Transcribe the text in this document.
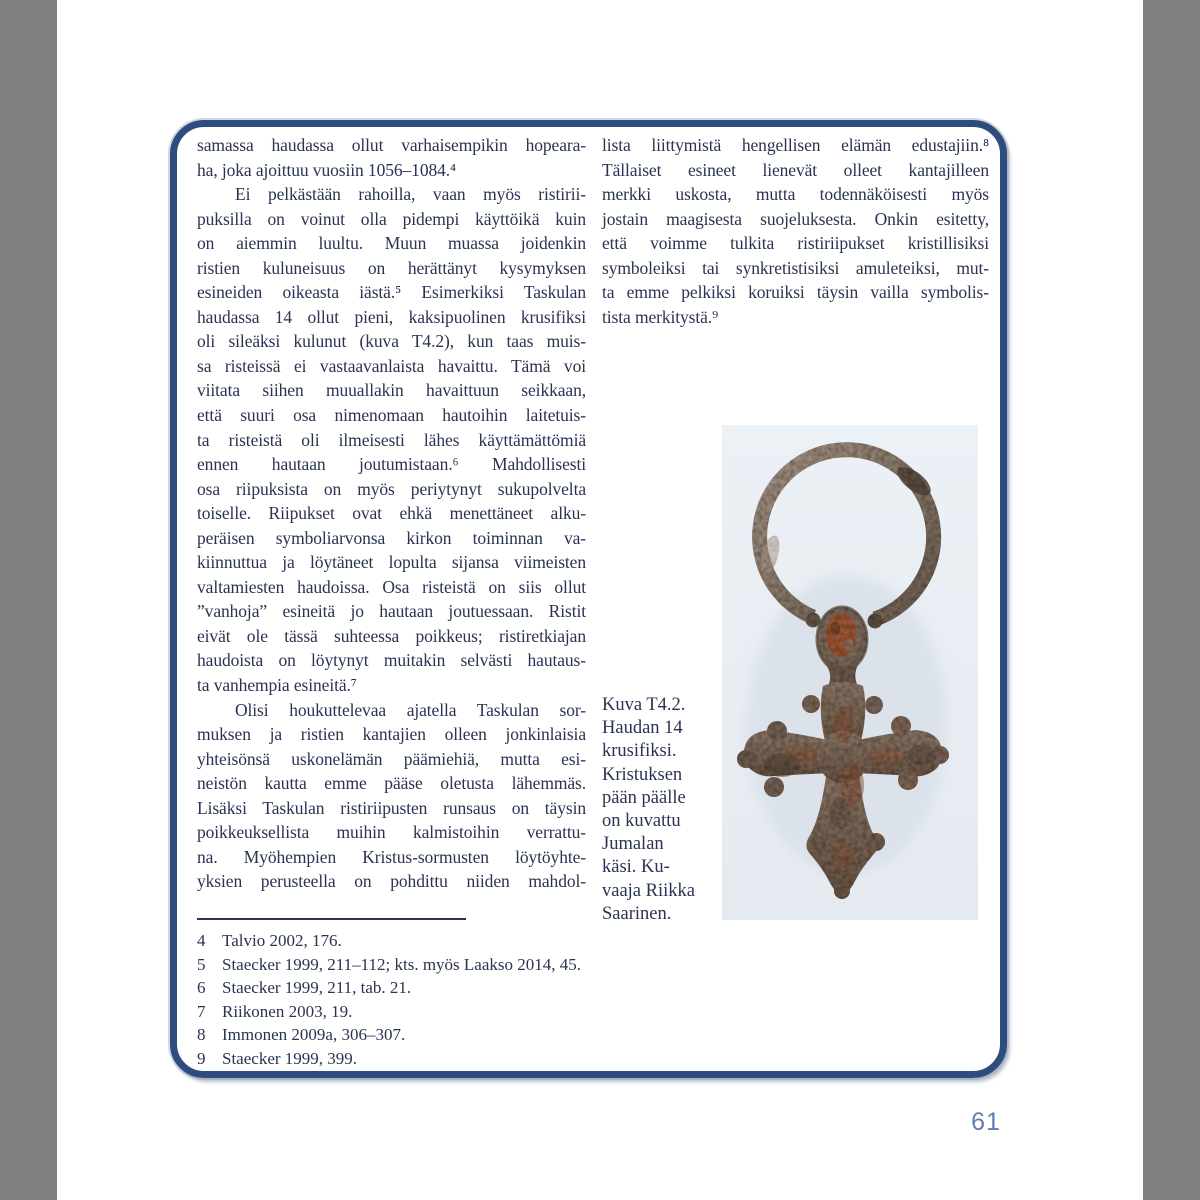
samassa haudassa ollut varhaisempikin hopeara-
ha, joka ajoittuu vuosiin 1056–1084.⁴
Ei pelkästään rahoilla, vaan myös ristirii-
puksilla on voinut olla pidempi käyttöikä kuin
on aiemmin luultu. Muun muassa joidenkin
ristien kuluneisuus on herättänyt kysymyksen
esineiden oikeasta iästä.⁵ Esimerkiksi Taskulan
haudassa 14 ollut pieni, kaksipuolinen krusifiksi
oli sileäksi kulunut (kuva T4.2), kun taas muis-
sa risteissä ei vastaavanlaista havaittu. Tämä voi
viitata siihen muuallakin havaittuun seikkaan,
että suuri osa nimenomaan hautoihin laitetuis-
ta risteistä oli ilmeisesti lähes käyttämättömiä
ennen hautaan joutumistaan.⁶ Mahdollisesti
osa riipuksista on myös periytynyt sukupolvelta
toiselle. Riipukset ovat ehkä menettäneet alku-
peräisen symboliarvonsa kirkon toiminnan va-
kiinnuttua ja löytäneet lopulta sijansa viimeisten
valtamiesten haudoissa. Osa risteistä on siis ollut
”vanhoja” esineitä jo hautaan joutuessaan. Ristit
eivät ole tässä suhteessa poikkeus; ristiretkiajan
haudoista on löytynyt muitakin selvästi hautaus-
ta vanhempia esineitä.⁷
Olisi houkuttelevaa ajatella Taskulan sor-
muksen ja ristien kantajien olleen jonkinlaisia
yhteisönsä uskonelämän päämiehiä, mutta esi-
neistön kautta emme pääse oletusta lähemmäs.
Lisäksi Taskulan ristiriipusten runsaus on täysin
poikkeuksellista muihin kalmistoihin verrattu-
na. Myöhempien Kristus-sormusten löytöyhte-
yksien perusteella on pohdittu niiden mahdol-
lista liittymistä hengellisen elämän edustajiin.⁸
Tällaiset esineet lienevät olleet kantajilleen
merkki uskosta, mutta todennäköisesti myös
jostain maagisesta suojeluksesta. Onkin esitetty,
että voimme tulkita ristiriipukset kristillisiksi
symboleiksi tai synkretistisiksi amuleteiksi, mut-
ta emme pelkiksi koruiksi täysin vailla symbolis-
tista merkitystä.⁹
Kuva T4.2.
Haudan 14
krusifiksi.
Kristuksen
pään päälle
on kuvattu
Jumalan
käsi. Ku-
vaaja Riikka
Saarinen.
4 Talvio 2002, 176.
5 Staecker 1999, 211–112; kts. myös Laakso 2014, 45.
6 Staecker 1999, 211, tab. 21.
7 Riikonen 2003, 19.
8 Immonen 2009a, 306–307.
9 Staecker 1999, 399.
61
